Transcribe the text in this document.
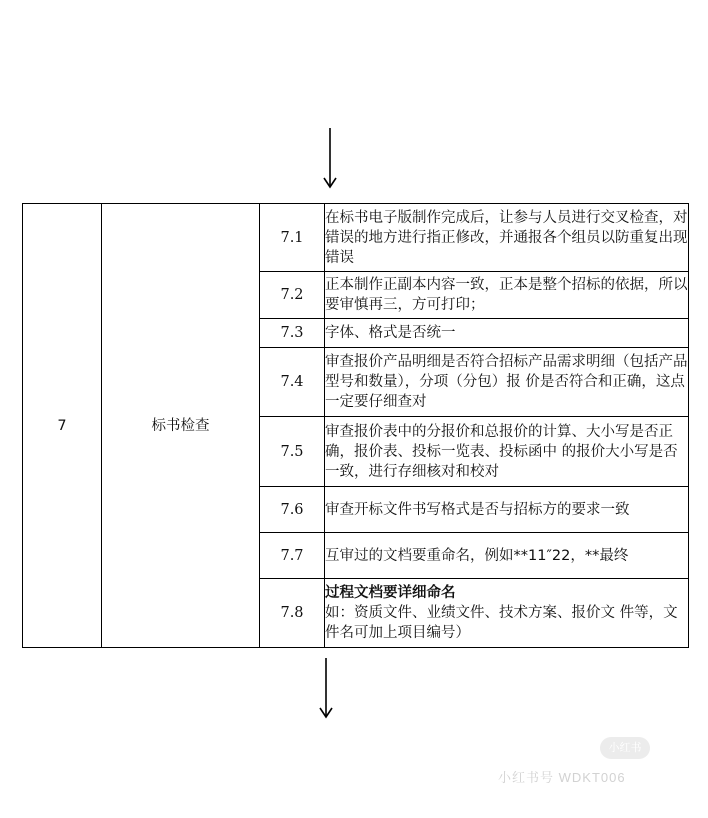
7	标书检查	7.1	在标书电子版制作完成后，让参与人员进行交叉检查，对错误的地方进行指正修改，并通报各个组员以防重复出现错误
		7.2	正本制作正副本内容一致，正本是整个招标的依据，所以要审慎再三，方可打印；
		7.3	字体、格式是否统一
		7.4	审查报价产品明细是否符合招标产品需求明细（包括产品型号和数量），分项（分包）报 价是否符合和正确，这点一定要仔细查对
		7.5	审查报价表中的分报价和总报价的计算、大小写是否正确，报价表、投标一览表、投标函中 的报价大小写是否一致，进行存细核对和校对
		7.6	审查开标文件书写格式是否与招标方的要求一致
		7.7	互审过的文档要重命名，例如**11″22，**最终
		7.8	过程文档要详细命名
如：资质文件、业绩文件、技术方案、报价文 件等，文件名可加上项目编号）
小红书
小红书号 WDKT006
